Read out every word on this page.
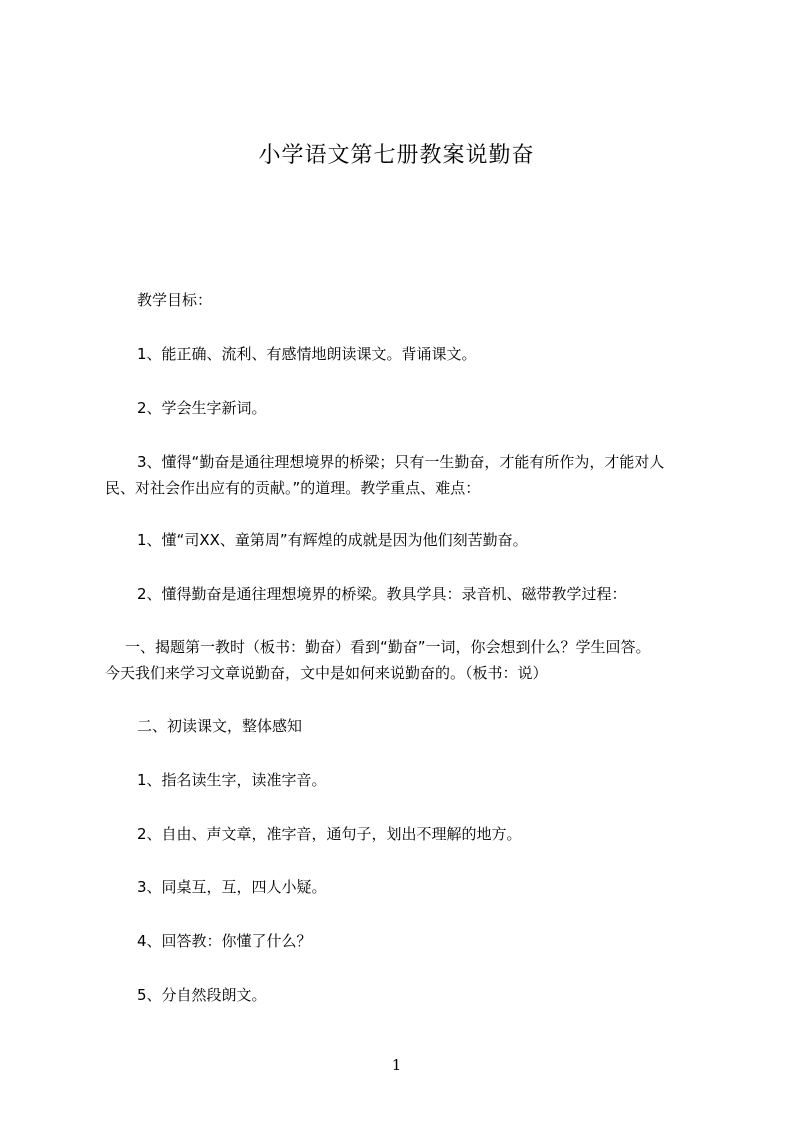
小学语文第七册教案说勤奋
教学目标：
1、能正确、流利、有感情地朗读课文。背诵课文。
2、学会生字新词。
3、懂得“勤奋是通往理想境界的桥梁；只有一生勤奋，才能有所作为，才能对人
民、对社会作出应有的贡献。”的道理。教学重点、难点：
1、懂“司XX、童第周”有辉煌的成就是因为他们刻苦勤奋。
2、懂得勤奋是通往理想境界的桥梁。教具学具：录音机、磁带教学过程：
一、揭题第一教时（板书：勤奋）看到“勤奋”一词，你会想到什么？学生回答。
今天我们来学习文章说勤奋，文中是如何来说勤奋的。（板书：说）
二、初读课文，整体感知
1、指名读生字，读准字音。
2、自由、声文章，准字音，通句子，划出不理解的地方。
3、同桌互，互，四人小疑。
4、回答教：你懂了什么？
5、分自然段朗文。
1
